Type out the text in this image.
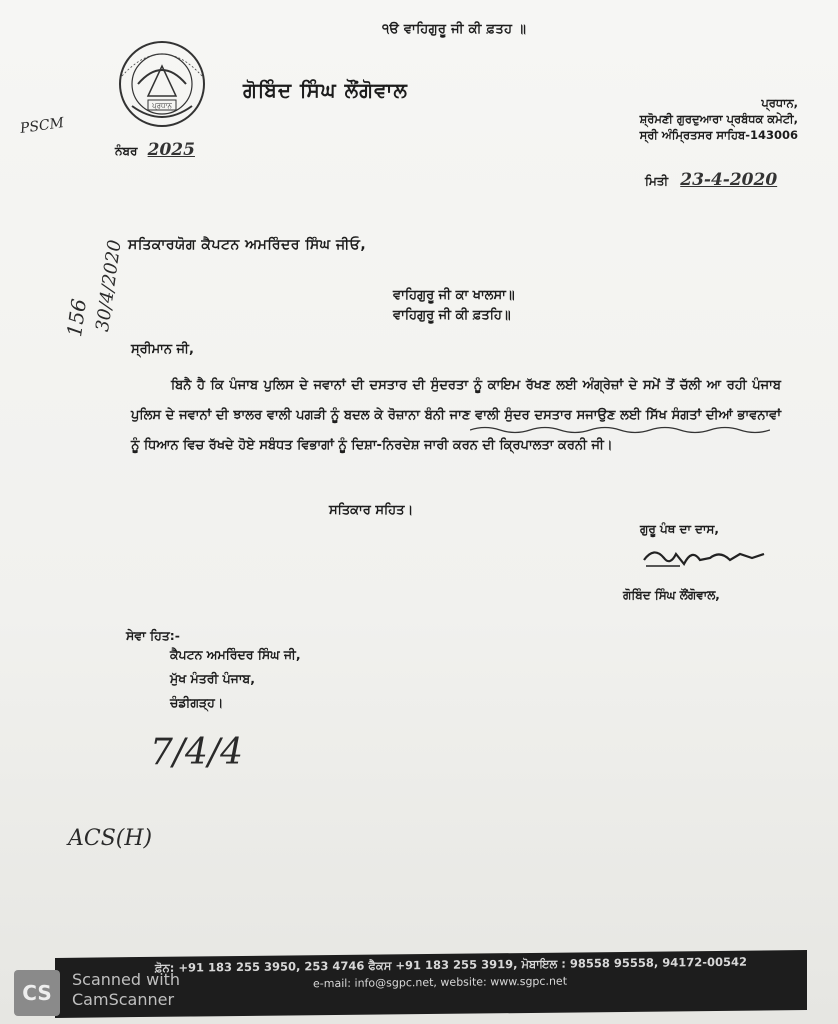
੧ੳ ਵਾਹਿਗੁਰੂ ਜੀ ਕੀ ਫ਼ਤਹ ॥
ਪ੍ਰਧਾਨ
ਗੋਬਿੰਦ ਸਿੰਘ ਲੌਂਗੋਵਾਲ
ਪ੍ਰਧਾਨ,
ਸ਼੍ਰੋਮਣੀ ਗੁਰਦੁਆਰਾ ਪ੍ਰਬੰਧਕ ਕਮੇਟੀ,
ਸ੍ਰੀ ਅੰਮ੍ਰਿਤਸਰ ਸਾਹਿਬ-143006
ਨੰਬਰ 2025
ਮਿਤੀ 23-4-2020
PSCM
ਸਤਿਕਾਰਯੋਗ ਕੈਪਟਨ ਅਮਰਿੰਦਰ ਸਿੰਘ ਜੀਓ,
ਵਾਹਿਗੁਰੂ ਜੀ ਕਾ ਖਾਲਸਾ॥
ਵਾਹਿਗੁਰੂ ਜੀ ਕੀ ਫ਼ਤਹਿ॥
156 30/4/2020
ਸ੍ਰੀਮਾਨ ਜੀ,
ਬਿਨੈ ਹੈ ਕਿ ਪੰਜਾਬ ਪੁਲਿਸ ਦੇ ਜਵਾਨਾਂ ਦੀ ਦਸਤਾਰ ਦੀ ਸੁੰਦਰਤਾ ਨੂੰ ਕਾਇਮ ਰੱਖਣ ਲਈ ਅੰਗ੍ਰੇਜ਼ਾਂ ਦੇ ਸਮੇਂ ਤੋਂ ਚੱਲੀ ਆ ਰਹੀ ਪੰਜਾਬ ਪੁਲਿਸ ਦੇ ਜਵਾਨਾਂ ਦੀ ਝਾਲਰ ਵਾਲੀ ਪਗੜੀ ਨੂੰ ਬਦਲ ਕੇ ਰੋਜ਼ਾਨਾ ਬੰਨੀ ਜਾਣ ਵਾਲੀ ਸੁੰਦਰ ਦਸਤਾਰ ਸਜਾਉਣ ਲਈ ਸਿੱਖ ਸੰਗਤਾਂ ਦੀਆਂ ਭਾਵਨਾਵਾਂ ਨੂੰ ਧਿਆਨ ਵਿਚ ਰੱਖਦੇ ਹੋਏ ਸਬੰਧਤ ਵਿਭਾਗਾਂ ਨੂੰ ਦਿਸ਼ਾ-ਨਿਰਦੇਸ਼ ਜਾਰੀ ਕਰਨ ਦੀ ਕ੍ਰਿਪਾਲਤਾ ਕਰਨੀ ਜੀ।
ਸਤਿਕਾਰ ਸਹਿਤ।
ਗੁਰੂ ਪੰਥ ਦਾ ਦਾਸ,
ਗੋਬਿੰਦ ਸਿੰਘ ਲੌਂਗੋਵਾਲ,
ਸੇਵਾ ਹਿਤ:-
ਕੈਪਟਨ ਅਮਰਿੰਦਰ ਸਿੰਘ ਜੀ,
ਮੁੱਖ ਮੰਤਰੀ ਪੰਜਾਬ,
ਚੰਡੀਗੜ੍ਹ।
7/4/4
ACS(H)
ਫ਼ੋਨ: +91 183 255 3950, 253 4746 ਫੈਕਸ +91 183 255 3919, ਮੋਬਾਇਲ : 98558 95558, 94172-00542
e-mail: info@sgpc.net, website: www.sgpc.net
CS
Scanned with
CamScanner
